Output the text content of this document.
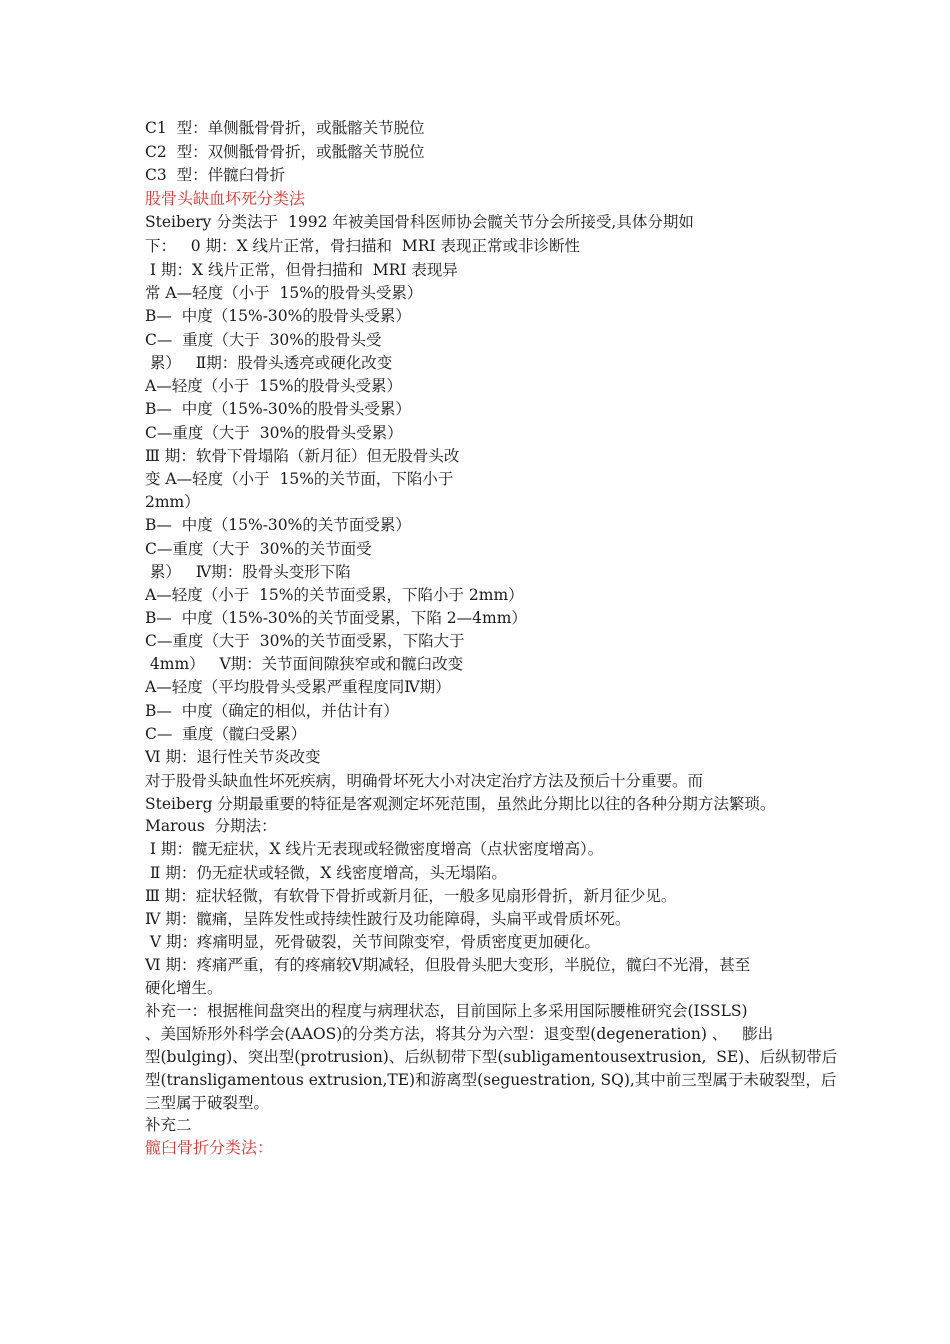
C1  型：单侧骶骨骨折，或骶髂关节脱位

C2  型：双侧骶骨骨折，或骶髂关节脱位

C3  型：伴髋臼骨折

股骨头缺血坏死分类法

Steibery 分类法于  1992 年被美国骨科医师协会髋关节分会所接受,具体分期如

下：   0 期：X 线片正常，骨扫描和  MRI 表现正常或非诊断性

Ⅰ 期：X 线片正常，但骨扫描和  MRI 表现异

常 A—轻度（小于  15%的股骨头受累）

B—  中度（15%-30%的股骨头受累）

C—  重度（大于  30%的股骨头受

累）   Ⅱ期：股骨头透亮或硬化改变

A—轻度（小于  15%的股骨头受累）

B—  中度（15%-30%的股骨头受累）

C—重度（大于  30%的股骨头受累）

Ⅲ 期：软骨下骨塌陷（新月征）但无股骨头改

变 A—轻度（小于  15%的关节面，下陷小于

2mm）

B—  中度（15%-30%的关节面受累）

C—重度（大于  30%的关节面受

累）   Ⅳ期：股骨头变形下陷

A—轻度（小于  15%的关节面受累，下陷小于 2mm）

B—  中度（15%-30%的关节面受累，下陷 2—4mm）

C—重度（大于  30%的关节面受累，下陷大于

4mm）   Ⅴ期：关节面间隙狭窄或和髋臼改变

A—轻度（平均股骨头受累严重程度同Ⅳ期）

B—  中度（确定的相似，并估计有）

C—  重度（髋臼受累）

Ⅵ 期：退行性关节炎改变

对于股骨头缺血性坏死疾病，明确骨坏死大小对决定治疗方法及预后十分重要。而

Steiberg 分期最重要的特征是客观测定坏死范围，虽然此分期比以往的各种分期方法繁琐。

Marous  分期法：

Ⅰ 期：髋无症状，X 线片无表现或轻微密度增高（点状密度增高）。

Ⅱ 期：仍无症状或轻微，X 线密度增高，头无塌陷。

Ⅲ 期：症状轻微，有软骨下骨折或新月征，一般多见扇形骨折，新月征少见。

Ⅳ 期：髋痛，呈阵发性或持续性跛行及功能障碍，头扁平或骨质坏死。

Ⅴ 期：疼痛明显，死骨破裂，关节间隙变窄，骨质密度更加硬化。

Ⅵ 期：疼痛严重，有的疼痛较Ⅴ期减轻，但股骨头肥大变形，半脱位，髋臼不光滑，甚至

硬化增生。

补充一：根据椎间盘突出的程度与病理状态，目前国际上多采用国际腰椎研究会(ISSLS)

、美国矫形外科学会(AAOS)的分类方法，将其分为六型：退变型(degeneration) 、   膨出

型(bulging)、突出型(protrusion)、后纵韧带下型(subligamentousextrusion,  SE)、后纵韧带后

型(transligamentous extrusion,TE)和游离型(seguestration, SQ),其中前三型属于未破裂型，后

三型属于破裂型。

补充二

髋臼骨折分类法：
